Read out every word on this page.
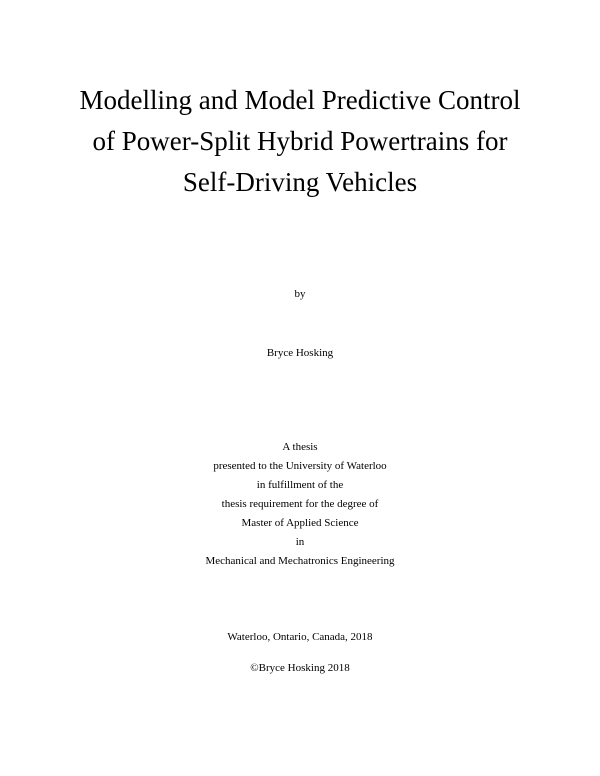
Modelling and Model Predictive Control
of Power-Split Hybrid Powertrains for
Self-Driving Vehicles
by
Bryce Hosking
A thesis
presented to the University of Waterloo
in fulfillment of the
thesis requirement for the degree of
Master of Applied Science
in
Mechanical and Mechatronics Engineering
Waterloo, Ontario, Canada, 2018
©Bryce Hosking 2018
